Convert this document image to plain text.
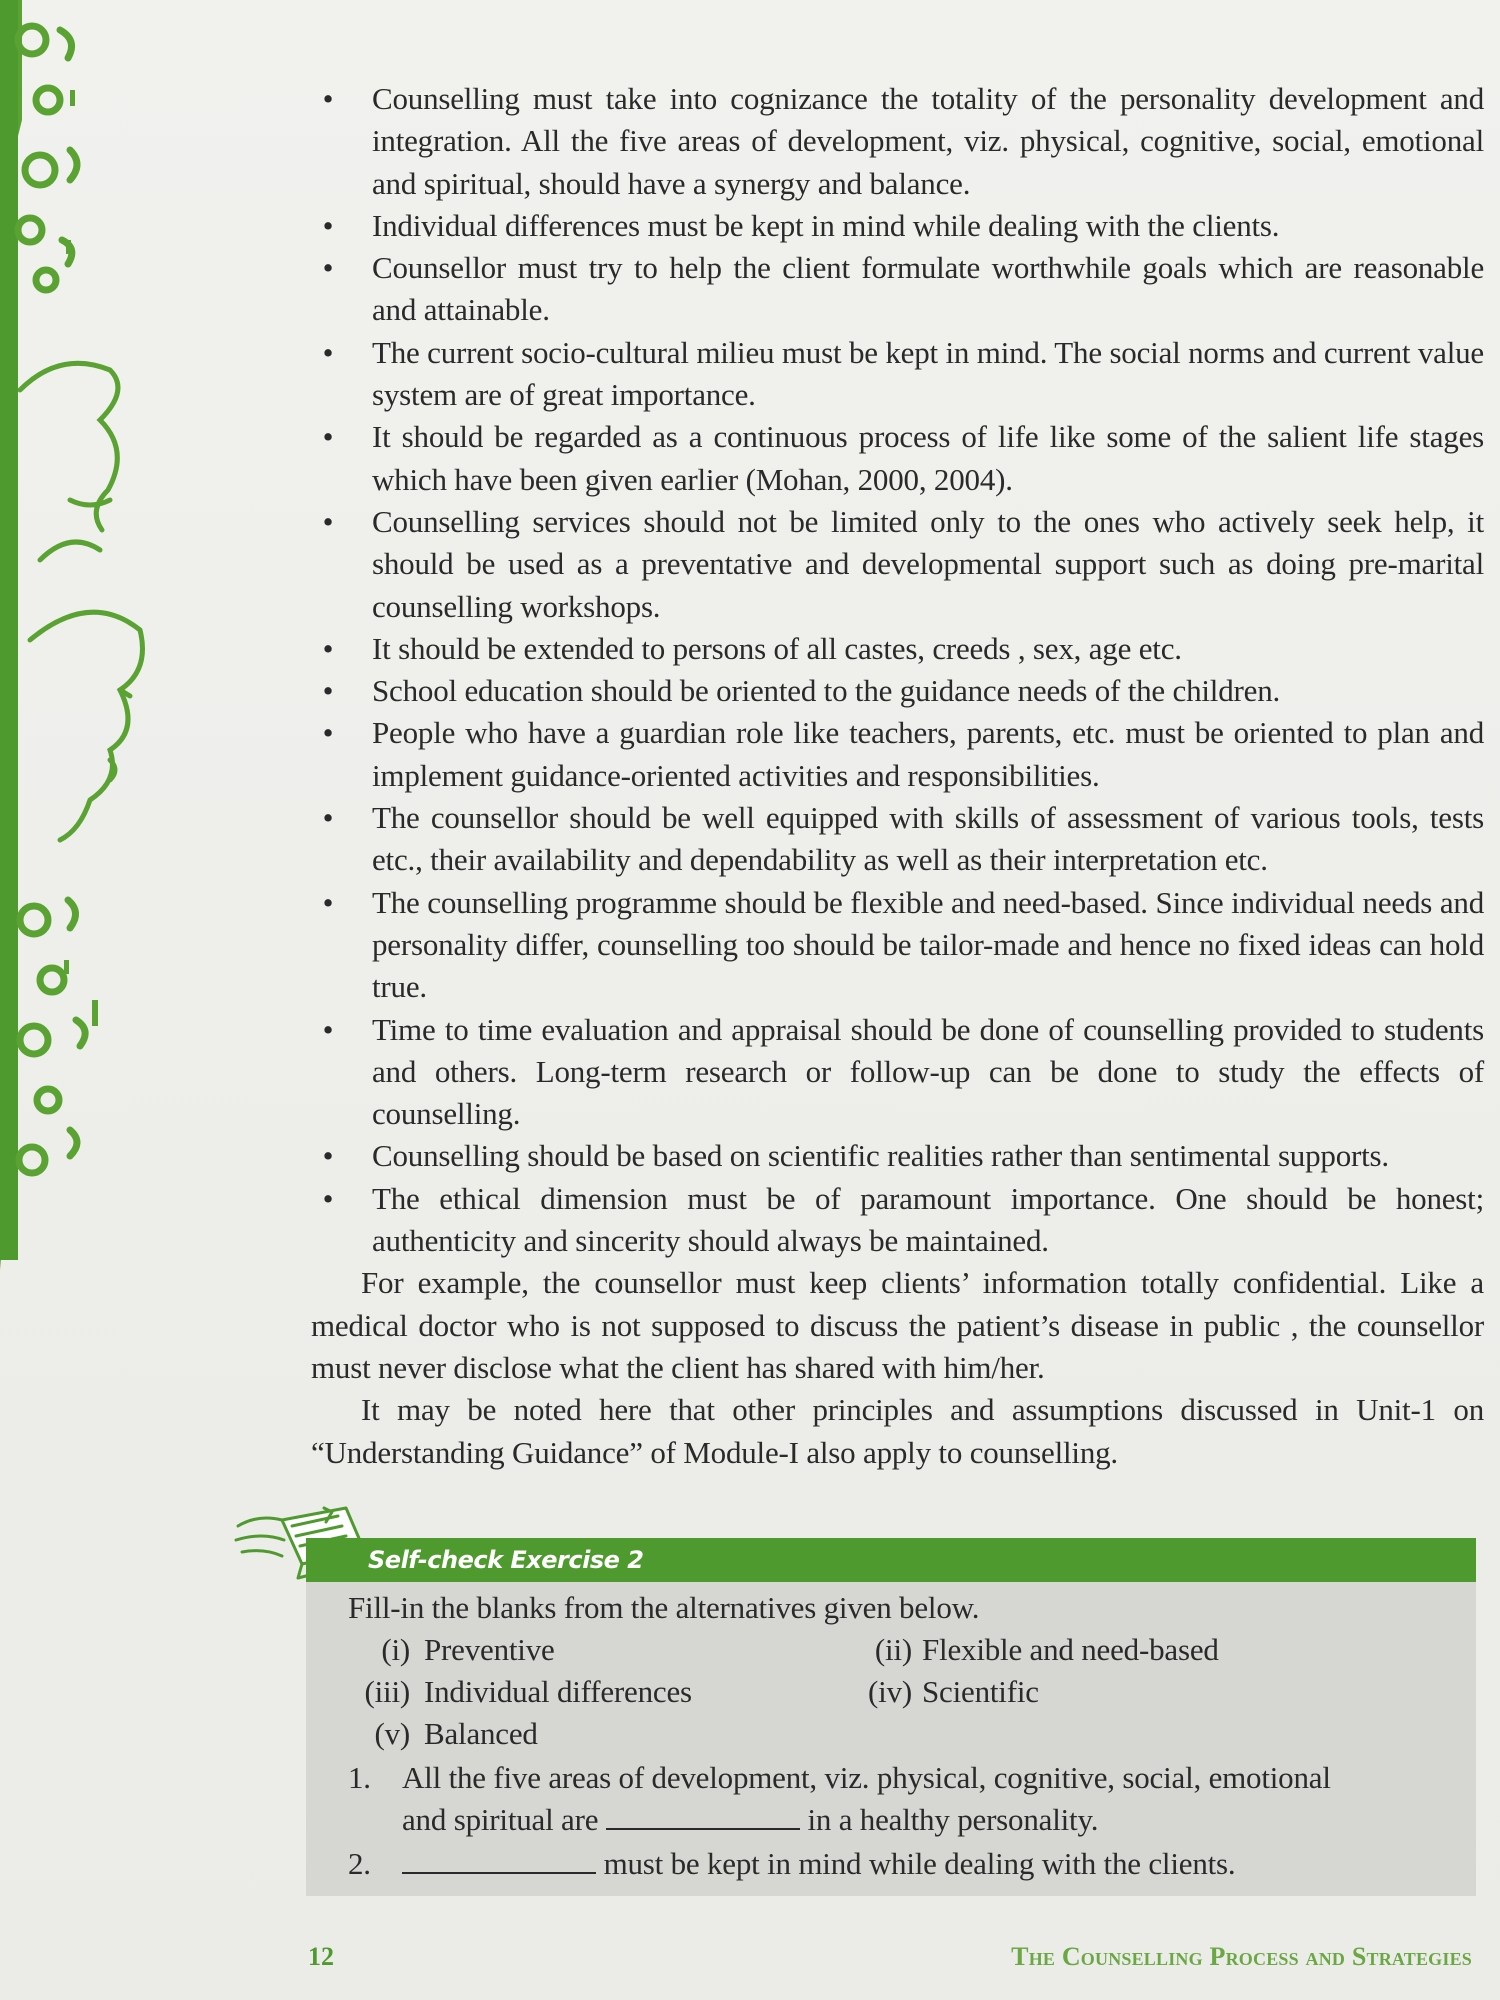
• Counselling must take into cognizance the totality of the personality development and integration. All the five areas of development, viz. physical, cognitive, social, emotional and spiritual, should have a synergy and balance.
• Individual differences must be kept in mind while dealing with the clients.
• Counsellor must try to help the client formulate worthwhile goals which are reasonable and attainable.
• The current socio-cultural milieu must be kept in mind. The social norms and current value system are of great importance.
• It should be regarded as a continuous process of life like some of the salient life stages which have been given earlier (Mohan, 2000, 2004).
• Counselling services should not be limited only to the ones who actively seek help, it should be used as a preventative and developmental support such as doing pre-marital counselling workshops.
• It should be extended to persons of all castes, creeds , sex, age etc.
• School education should be oriented to the guidance needs of the children.
• People who have a guardian role like teachers, parents, etc. must be oriented to plan and implement guidance-oriented activities and responsibilities.
• The counsellor should be well equipped with skills of assessment of various tools, tests etc., their availability and dependability as well as their interpretation etc.
• The counselling programme should be flexible and need-based. Since individual needs and personality differ, counselling too should be tailor-made and hence no fixed ideas can hold true.
• Time to time evaluation and appraisal should be done of counselling provided to students and others. Long-term research or follow-up can be done to study the effects of counselling.
• Counselling should be based on scientific realities rather than sentimental supports.
• The ethical dimension must be of paramount importance. One should be honest; authenticity and sincerity should always be maintained.

For example, the counsellor must keep clients’ information totally confidential. Like a medical doctor who is not supposed to discuss the patient’s disease in public , the counsellor must never disclose what the client has shared with him/her.

It may be noted here that other principles and assumptions discussed in Unit-1 on “Understanding Guidance” of Module-I also apply to counselling.

Self-check Exercise 2
Fill-in the blanks from the alternatives given below.
(i) Preventive	(ii) Flexible and need-based
(iii) Individual differences	(iv) Scientific
(v) Balanced
1. All the five areas of development, viz. physical, cognitive, social, emotional
and spiritual are	in a healthy personality.
2.	must be kept in mind while dealing with the clients.
12	The Counselling Process and Strategies
